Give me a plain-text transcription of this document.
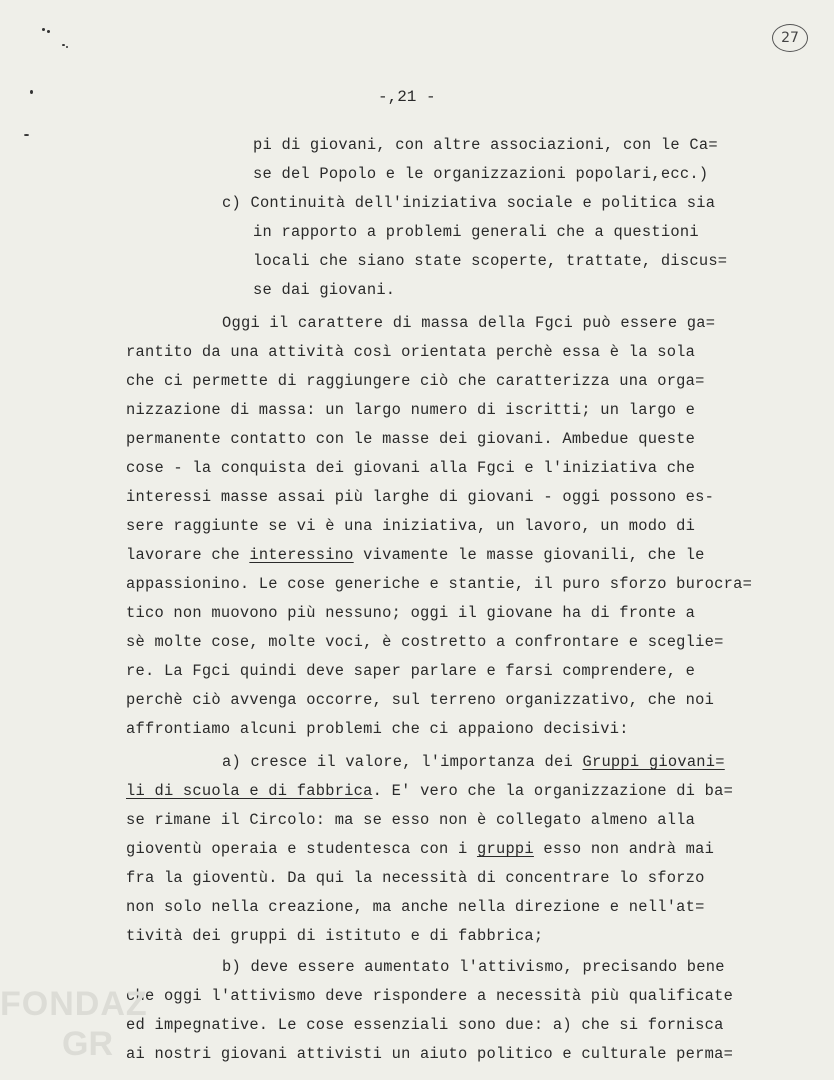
27
-,21 -
pi di giovani, con altre associazioni, con le Ca=
se del Popolo e le organizzazioni popolari,ecc.)
c) Continuità dell'iniziativa sociale e politica sia
in rapporto a problemi generali che a questioni
locali che siano state scoperte, trattate, discus=
se dai giovani.
Oggi il carattere di massa della Fgci può essere ga=
rantito da una attività così orientata perchè essa è la sola
che ci permette di raggiungere ciò che caratterizza una orga=
nizzazione di massa: un largo numero di iscritti; un largo e
permanente contatto con le masse dei giovani. Ambedue queste
cose - la conquista dei giovani alla Fgci e l'iniziativa che
interessi masse assai più larghe di giovani - oggi possono es-
sere raggiunte se vi è una iniziativa, un lavoro, un modo di
lavorare che interessino vivamente le masse giovanili, che le
appassionino. Le cose generiche e stantie, il puro sforzo burocra=
tico non muovono più nessuno; oggi il giovane ha di fronte a
sè molte cose, molte voci, è costretto a confrontare e sceglie=
re. La Fgci quindi deve saper parlare e farsi comprendere, e
perchè ciò avvenga occorre, sul terreno organizzativo, che noi
affrontiamo alcuni problemi che ci appaiono decisivi:
a) cresce il valore, l'importanza dei Gruppi giovani=
li di scuola e di fabbrica. E' vero che la organizzazione di ba=
se rimane il Circolo: ma se esso non è collegato almeno alla
gioventù operaia e studentesca con i gruppi esso non andrà mai
fra la gioventù. Da qui la necessità di concentrare lo sforzo
non solo nella creazione, ma anche nella direzione e nell'at=
tività dei gruppi di istituto e di fabbrica;
b) deve essere aumentato l'attivismo, precisando bene
che oggi l'attivismo deve rispondere a necessità più qualificate
ed impegnative. Le cose essenziali sono due: a) che si fornisca
ai nostri giovani attivisti un aiuto politico e culturale perma=
FONDAZ
GR
